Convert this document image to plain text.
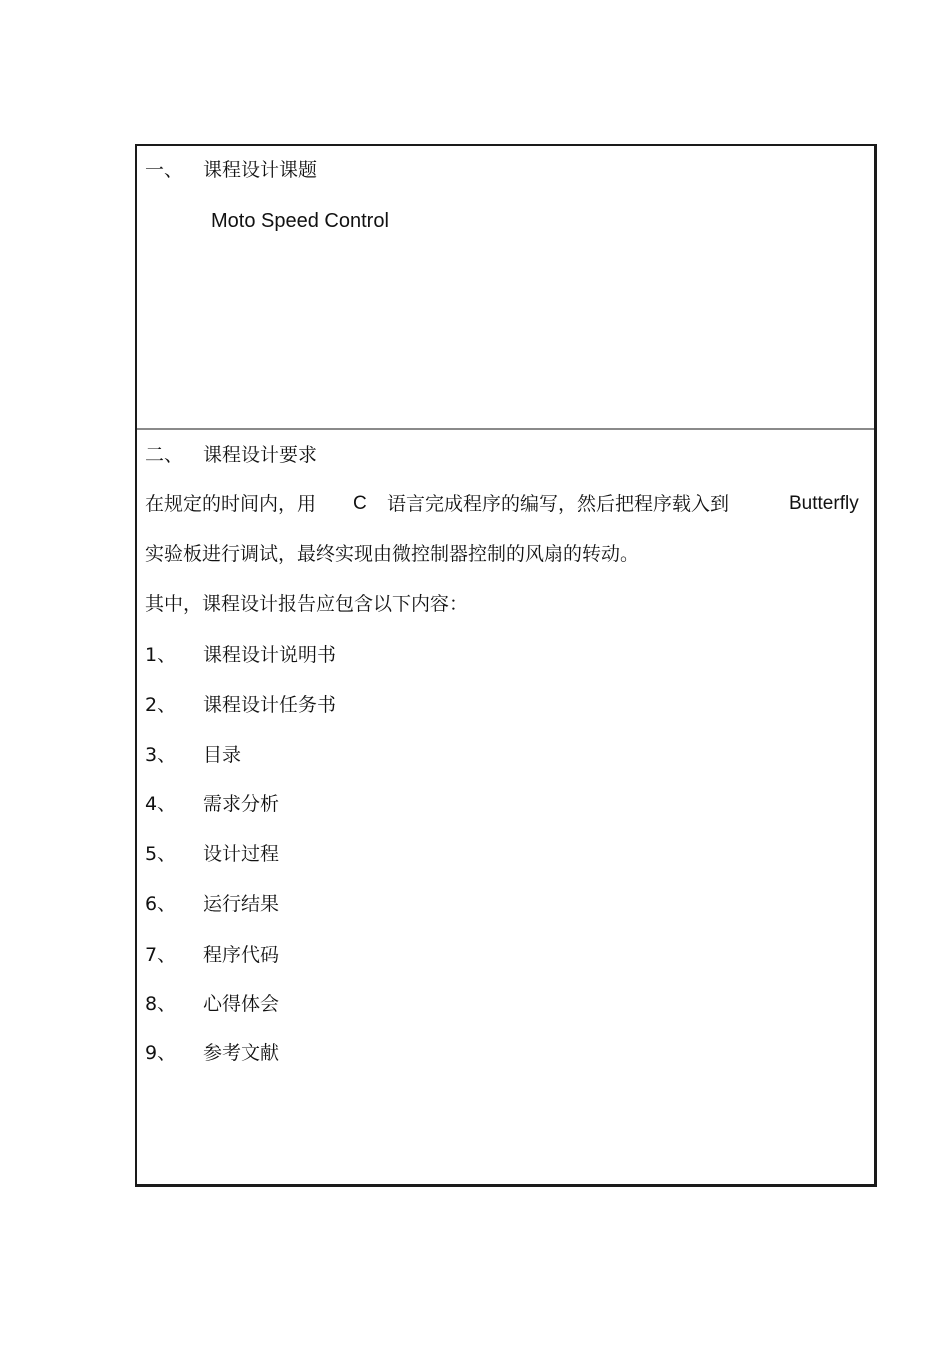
一、 课程设计课题
Moto Speed Control
二、 课程设计要求
在规定的时间内，用 C 语言完成程序的编写，然后把程序载入到	Butterfly
实验板进行调试，最终实现由微控制器控制的风扇的转动。
其中，课程设计报告应包含以下内容：
1、 课程设计说明书
2、 课程设计任务书
3、 目录
4、 需求分析
5、 设计过程
6、 运行结果
7、 程序代码
8、 心得体会
9、 参考文献
